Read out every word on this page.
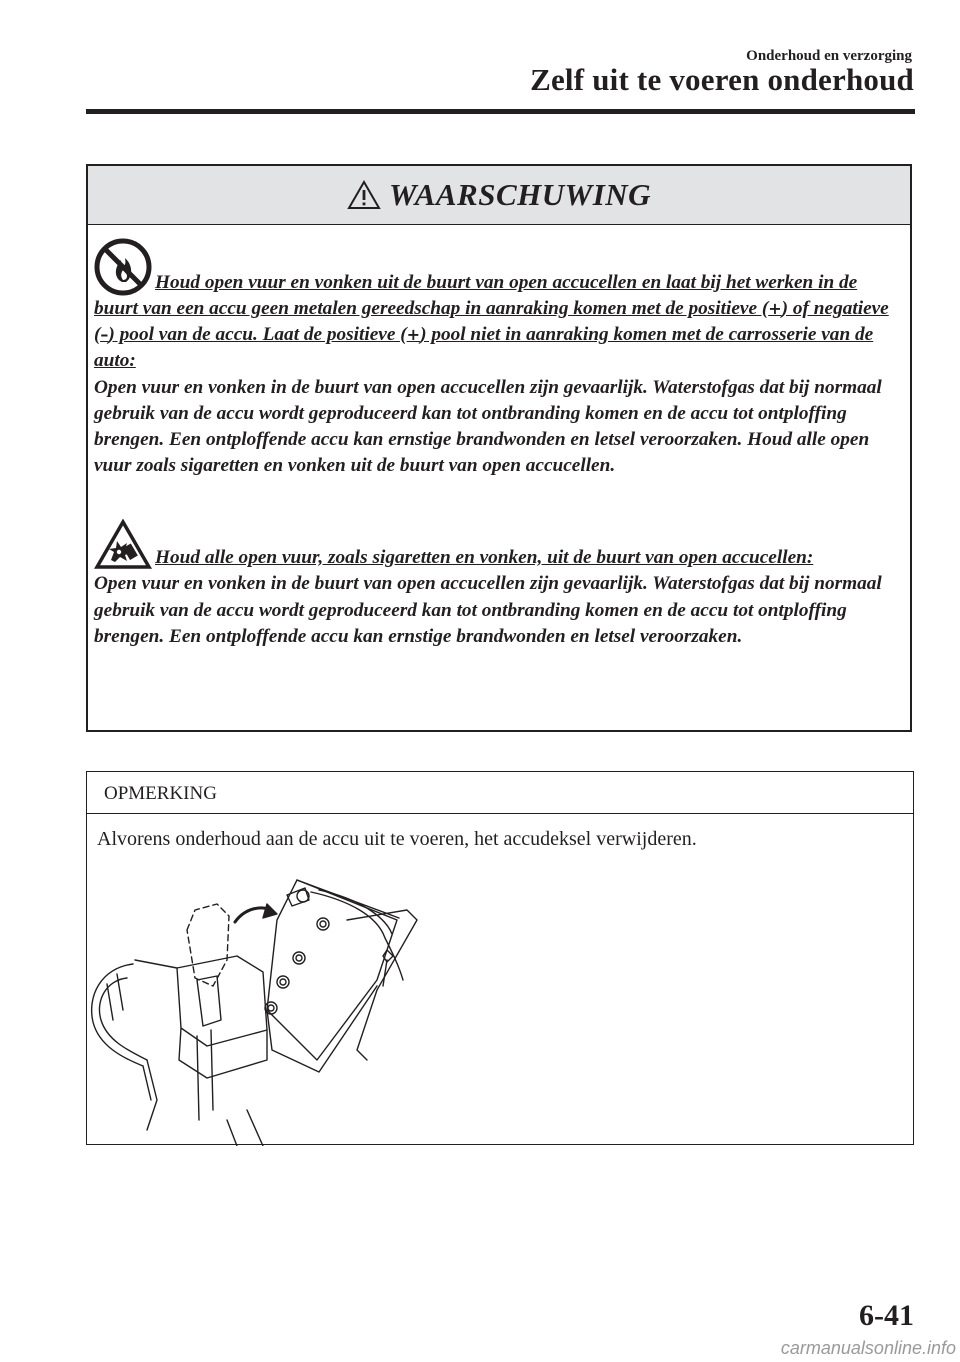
Onderhoud en verzorging
Zelf uit te voeren onderhoud
WAARSCHUWING

Houd open vuur en vonken uit de buurt van open accucellen en laat bij het werken in de buurt van een accu geen metalen gereedschap in aanraking komen met de positieve (+) of negatieve (–) pool van de accu. Laat de positieve (+) pool niet in aanraking komen met de carrosserie van de auto:
Open vuur en vonken in de buurt van open accucellen zijn gevaarlijk. Waterstofgas dat bij normaal gebruik van de accu wordt geproduceerd kan tot ontbranding komen en de accu tot ontploffing brengen. Een ontploffende accu kan ernstige brandwonden en letsel veroorzaken. Houd alle open vuur zoals sigaretten en vonken uit de buurt van open accucellen.

Houd alle open vuur, zoals sigaretten en vonken, uit de buurt van open accucellen:
Open vuur en vonken in de buurt van open accucellen zijn gevaarlijk. Waterstofgas dat bij normaal gebruik van de accu wordt geproduceerd kan tot ontbranding komen en de accu tot ontploffing brengen. Een ontploffende accu kan ernstige brandwonden en letsel veroorzaken.

OPMERKING
Alvorens onderhoud aan de accu uit te voeren, het accudeksel verwijderen.
6-41
carmanualsonline.info
